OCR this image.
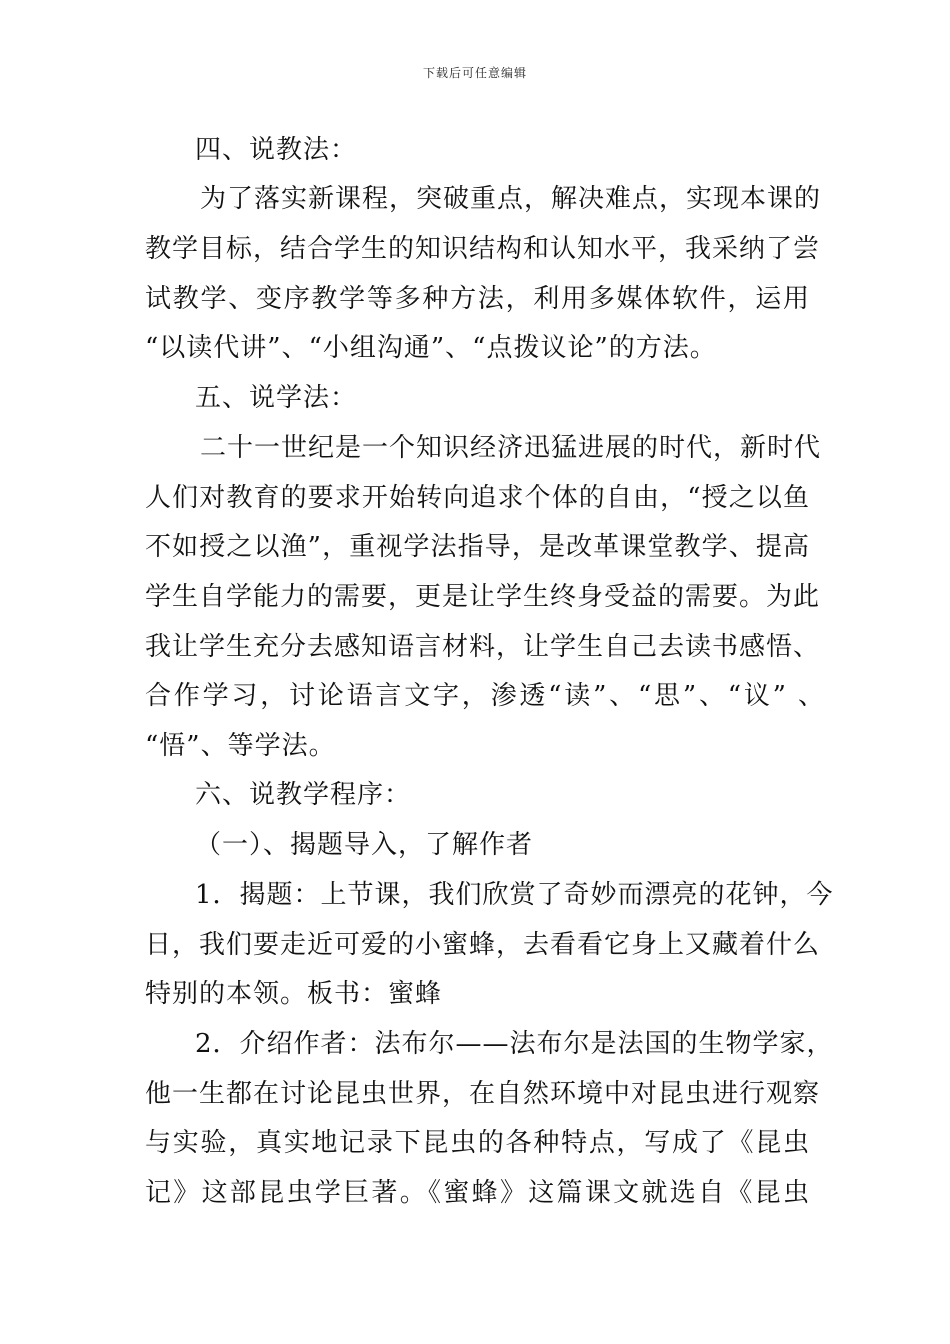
下载后可任意编辑
四、说教法：
为了落实新课程，突破重点，解决难点，实现本课的
教学目标，结合学生的知识结构和认知水平，我采纳了尝
试教学、变序教学等多种方法，利用多媒体软件，运用
“以读代讲”、“小组沟通”、“点拨议论”的方法。
五、说学法：
二十一世纪是一个知识经济迅猛进展的时代，新时代
人们对教育的要求开始转向追求个体的自由，“授之以鱼
不如授之以渔”，重视学法指导，是改革课堂教学、提高
学生自学能力的需要，更是让学生终身受益的需要。为此
我让学生充分去感知语言材料，让学生自己去读书感悟、
合作学习，讨论语言文字，渗透“读”、“思”、“议” 、
“悟”、等学法。
六、说教学程序：
（一）、揭题导入，了解作者
1．揭题：上节课，我们欣赏了奇妙而漂亮的花钟，今
日，我们要走近可爱的小蜜蜂，去看看它身上又藏着什么
特别的本领。板书：蜜蜂
2．介绍作者：法布尔——法布尔是法国的生物学家，
他一生都在讨论昆虫世界，在自然环境中对昆虫进行观察
与实验，真实地记录下昆虫的各种特点，写成了《昆虫
记》这部昆虫学巨著。《蜜蜂》这篇课文就选自《昆虫
